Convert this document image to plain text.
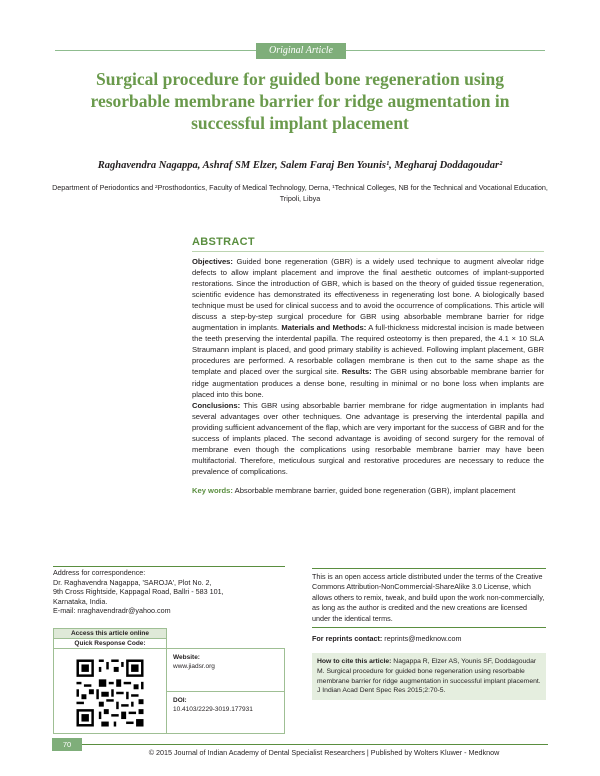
Original Article
Surgical procedure for guided bone regeneration using resorbable membrane barrier for ridge augmentation in successful implant placement
Raghavendra Nagappa, Ashraf SM Elzer, Salem Faraj Ben Younis¹, Megharaj Doddagoudar²
Department of Periodontics and ²Prosthodontics, Faculty of Medical Technology, Derna, ¹Technical Colleges, NB for the Technical and Vocational Education, Tripoli, Libya
ABSTRACT
Objectives: Guided bone regeneration (GBR) is a widely used technique to augment alveolar ridge defects to allow implant placement and improve the final aesthetic outcomes of implant-supported restorations. Since the introduction of GBR, which is based on the theory of guided tissue regeneration, scientific evidence has demonstrated its effectiveness in regenerating lost bone. A biologically based technique must be used for clinical success and to avoid the occurrence of complications. This article will discuss a step-by-step surgical procedure for GBR using absorbable membrane barrier for ridge augmentation in implants. Materials and Methods: A full-thickness midcrestal incision is made between the teeth preserving the interdental papilla. The required osteotomy is then prepared, the 4.1 × 10 SLA Straumann implant is placed, and good primary stability is achieved. Following implant placement, GBR procedures are performed. A resorbable collagen membrane is then cut to the same shape as the template and placed over the surgical site. Results: The GBR using absorbable membrane barrier for ridge augmentation produces a dense bone, resulting in minimal or no bone loss when implants are placed into this bone.
Conclusions: This GBR using absorbable barrier membrane for ridge augmentation in implants had several advantages over other techniques. One advantage is preserving the interdental papilla and providing sufficient advancement of the flap, which are very important for the success of GBR and for the success of implants placed. The second advantage is avoiding of second surgery for the removal of membrane even though the complications using resorbable membrane barrier may have been multifactorial. Therefore, meticulous surgical and restorative procedures are necessary to reduce the prevalence of complications.
Key words: Absorbable membrane barrier, guided bone regeneration (GBR), implant placement
Address for correspondence:
Dr. Raghavendra Nagappa, 'SAROJA', Plot No. 2,
9th Cross Rightside, Kappagal Road, Ballri - 583 101,
Karnataka, India.
E-mail: nraghavendradr@yahoo.com
Access this article online
Quick Response Code:
Website:
www.jiadsr.org
DOI:
10.4103/2229-3019.177931
This is an open access article distributed under the terms of the Creative Commons Attribution-NonCommercial-ShareAlike 3.0 License, which allows others to remix, tweak, and build upon the work non-commercially, as long as the author is credited and the new creations are licensed under the identical terms.
For reprints contact: reprints@medknow.com
How to cite this article: Nagappa R, Elzer AS, Younis SF, Doddagoudar M. Surgical procedure for guided bone regeneration using resorbable membrane barrier for ridge augmentation in successful implant placement. J Indian Acad Dent Spec Res 2015;2:70-5.
70
© 2015 Journal of Indian Academy of Dental Specialist Researchers | Published by Wolters Kluwer - Medknow
